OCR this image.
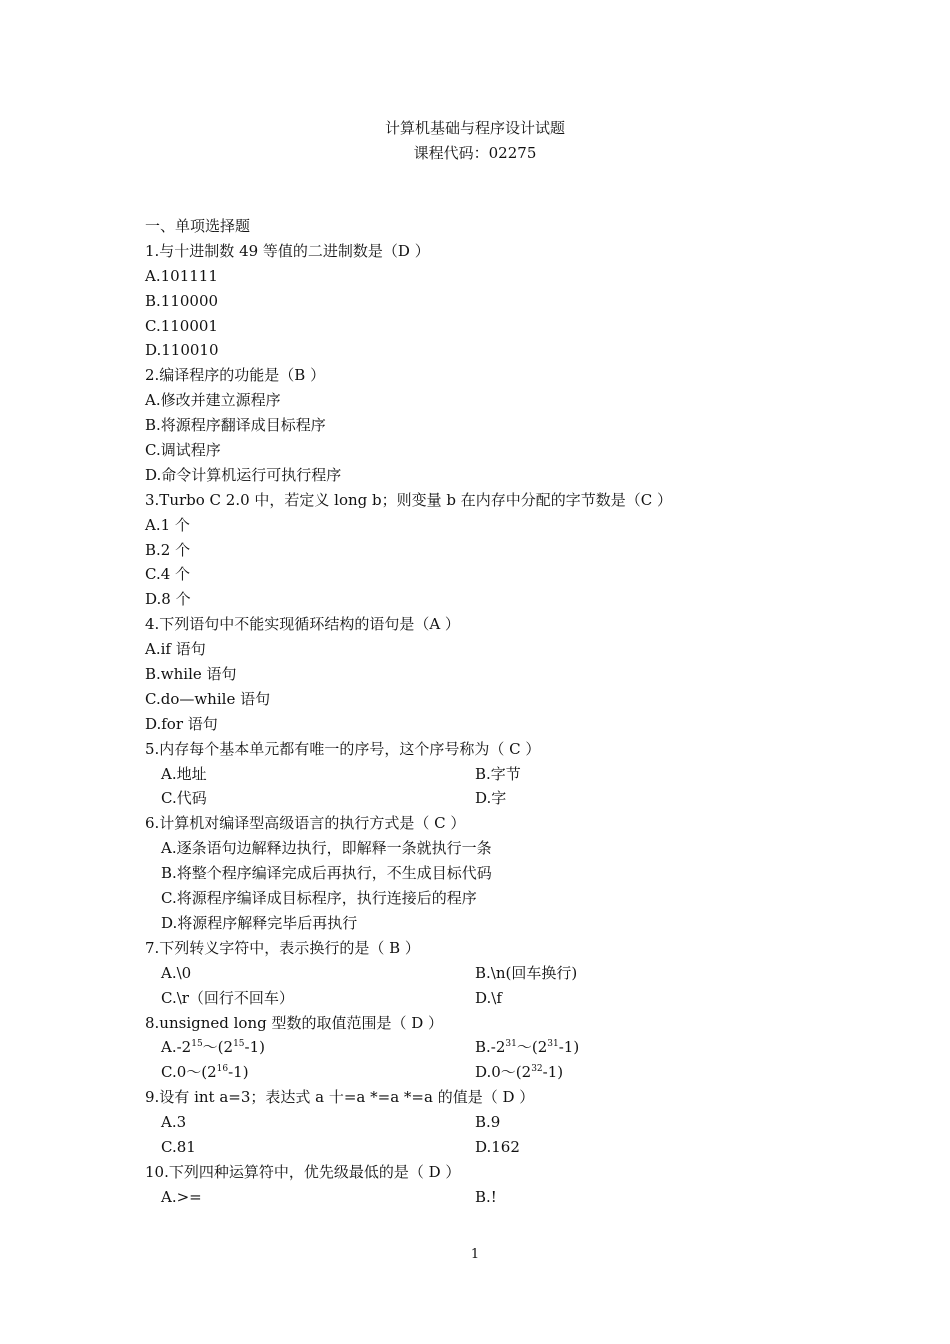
计算机基础与程序设计试题
课程代码：02275
一、单项选择题
1.与十进制数 49 等值的二进制数是（D ）
A.101111
B.110000
C.110001
D.110010
2.编译程序的功能是（B ）
A.修改并建立源程序
B.将源程序翻译成目标程序
C.调试程序
D.命令计算机运行可执行程序
3.Turbo C 2.0 中，若定义 long b；则变量 b 在内存中分配的字节数是（C ）
A.1 个
B.2 个
C.4 个
D.8 个
4.下列语句中不能实现循环结构的语句是（A ）
A.if 语句
B.while 语句
C.do—while 语句
D.for 语句
5.内存每个基本单元都有唯一的序号，这个序号称为（ C ）
A.地址	B.字节
C.代码	D.字
6.计算机对编译型高级语言的执行方式是（ C ）
A.逐条语句边解释边执行，即解释一条就执行一条
B.将整个程序编译完成后再执行，不生成目标代码
C.将源程序编译成目标程序，执行连接后的程序
D.将源程序解释完毕后再执行
7.下列转义字符中，表示换行的是（ B ）
A.\0	B.\n(回车换行)
C.\r（回行不回车）	D.\f
8.unsigned long 型数的取值范围是（ D ）
$A.-2^{15}\sim(2^{15}-1)$	$B.-2^{31}\sim(2^{31}-1)$
$C.0\sim(2^{16}-1)$	$D.0\sim(2^{32}-1)$
9.设有 int a=3；表达式 a 十=a *=a *=a 的值是（ D ）
A.3	B.9
C.81	D.162
10.下列四种运算符中，优先级最低的是（ D ）
A.>=	B.!
1
